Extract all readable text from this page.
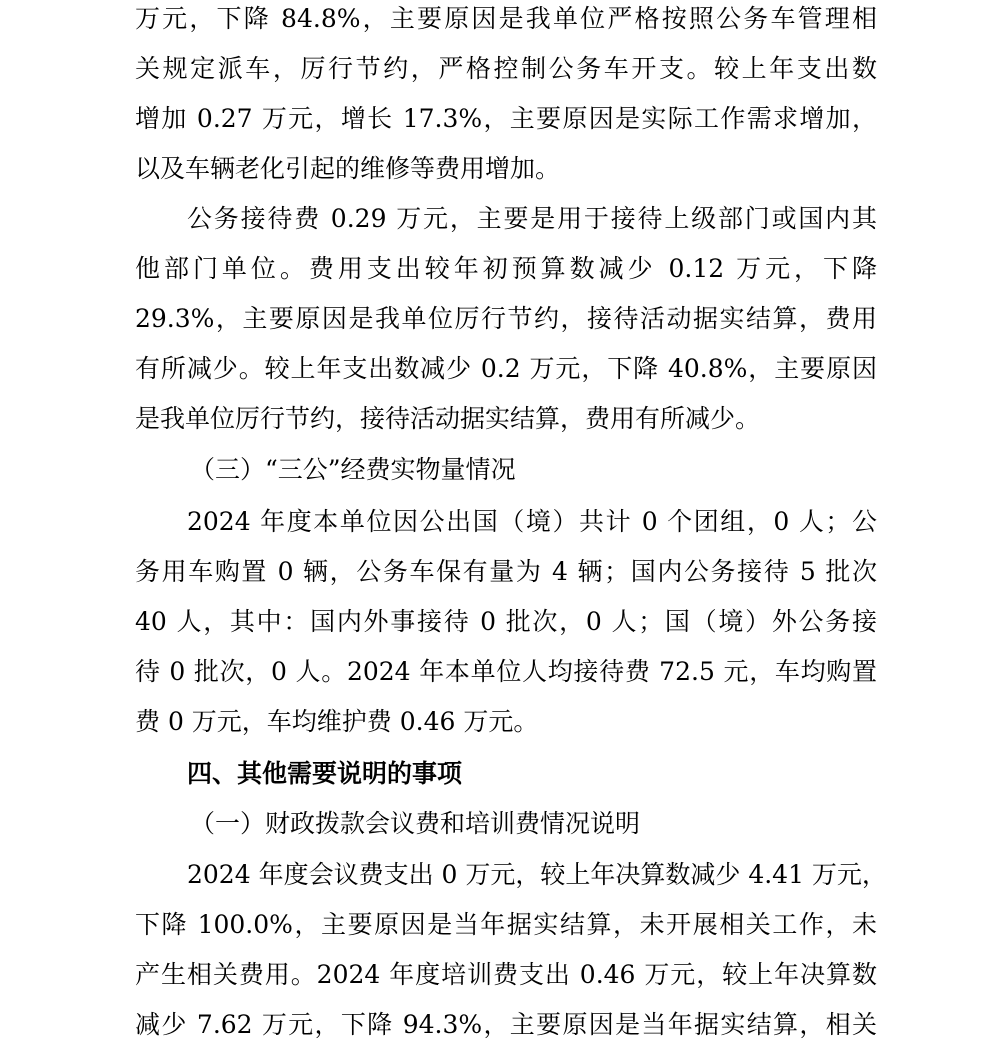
万元，下降 84.8%，主要原因是我单位严格按照公务车管理相
关规定派车，厉行节约，严格控制公务车开支。较上年支出数
增加 0.27 万元，增长 17.3%，主要原因是实际工作需求增加，
以及车辆老化引起的维修等费用增加。
公务接待费 0.29 万元，主要是用于接待上级部门或国内其
他部门单位。费用支出较年初预算数减少 0.12 万元，下降
29.3%，主要原因是我单位厉行节约，接待活动据实结算，费用
有所减少。较上年支出数减少 0.2 万元，下降 40.8%，主要原因
是我单位厉行节约，接待活动据实结算，费用有所减少。
（三）“三公”经费实物量情况
2024 年度本单位因公出国（境）共计 0 个团组，0 人；公
务用车购置 0 辆，公务车保有量为 4 辆；国内公务接待 5 批次
40 人，其中：国内外事接待 0 批次，0 人；国（境）外公务接
待 0 批次，0 人。2024 年本单位人均接待费 72.5 元，车均购置
费 0 万元，车均维护费 0.46 万元。
四、其他需要说明的事项
（一）财政拨款会议费和培训费情况说明
2024 年度会议费支出 0 万元，较上年决算数减少 4.41 万元，
下降 100.0%，主要原因是当年据实结算，未开展相关工作，未
产生相关费用。2024 年度培训费支出 0.46 万元，较上年决算数
减少 7.62 万元，下降 94.3%，主要原因是当年据实结算，相关
